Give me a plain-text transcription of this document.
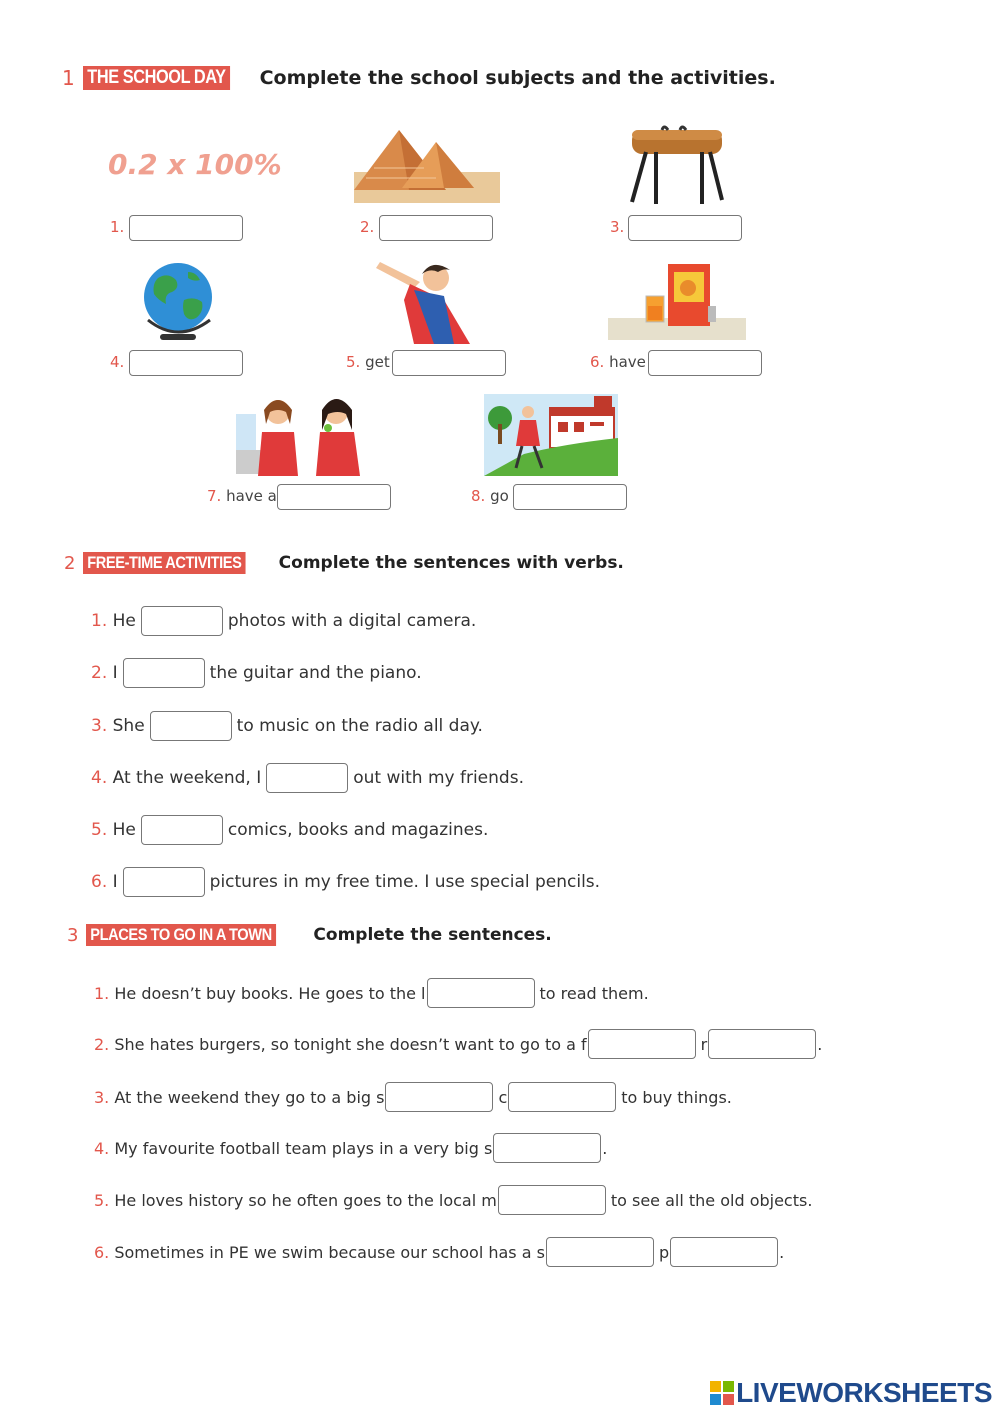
1 THE SCHOOL DAY Complete the school subjects and the activities.
0.2 x 100%
1.	2.	3.
4.	5. get	6. have
7. have a	8. go
2 FREE-TIME ACTIVITIES Complete the sentences with verbs.
1.
He	photos with a digital camera.
2.
I	the guitar and the piano.
3.
She	to music on the radio all day.
4.
At the weekend, I	out with my friends.
5.
He	comics, books and magazines.
6.
I	pictures in my free time. I use special pencils.
3 PLACES TO GO IN A TOWN Complete the sentences.
1.
He doesn’t buy books. He goes to the l	to read them.
2.
She hates burgers, so tonight she doesn’t want to go to a f	r	.
3.
At the weekend they go to a big s	c	to buy things.
4.
My favourite football team plays in a very big s	.
5.
He loves history so he often goes to the local m	to see all the old objects.
6.
Sometimes in PE we swim because our school has a s	p	.
LIVEWORKSHEETS
